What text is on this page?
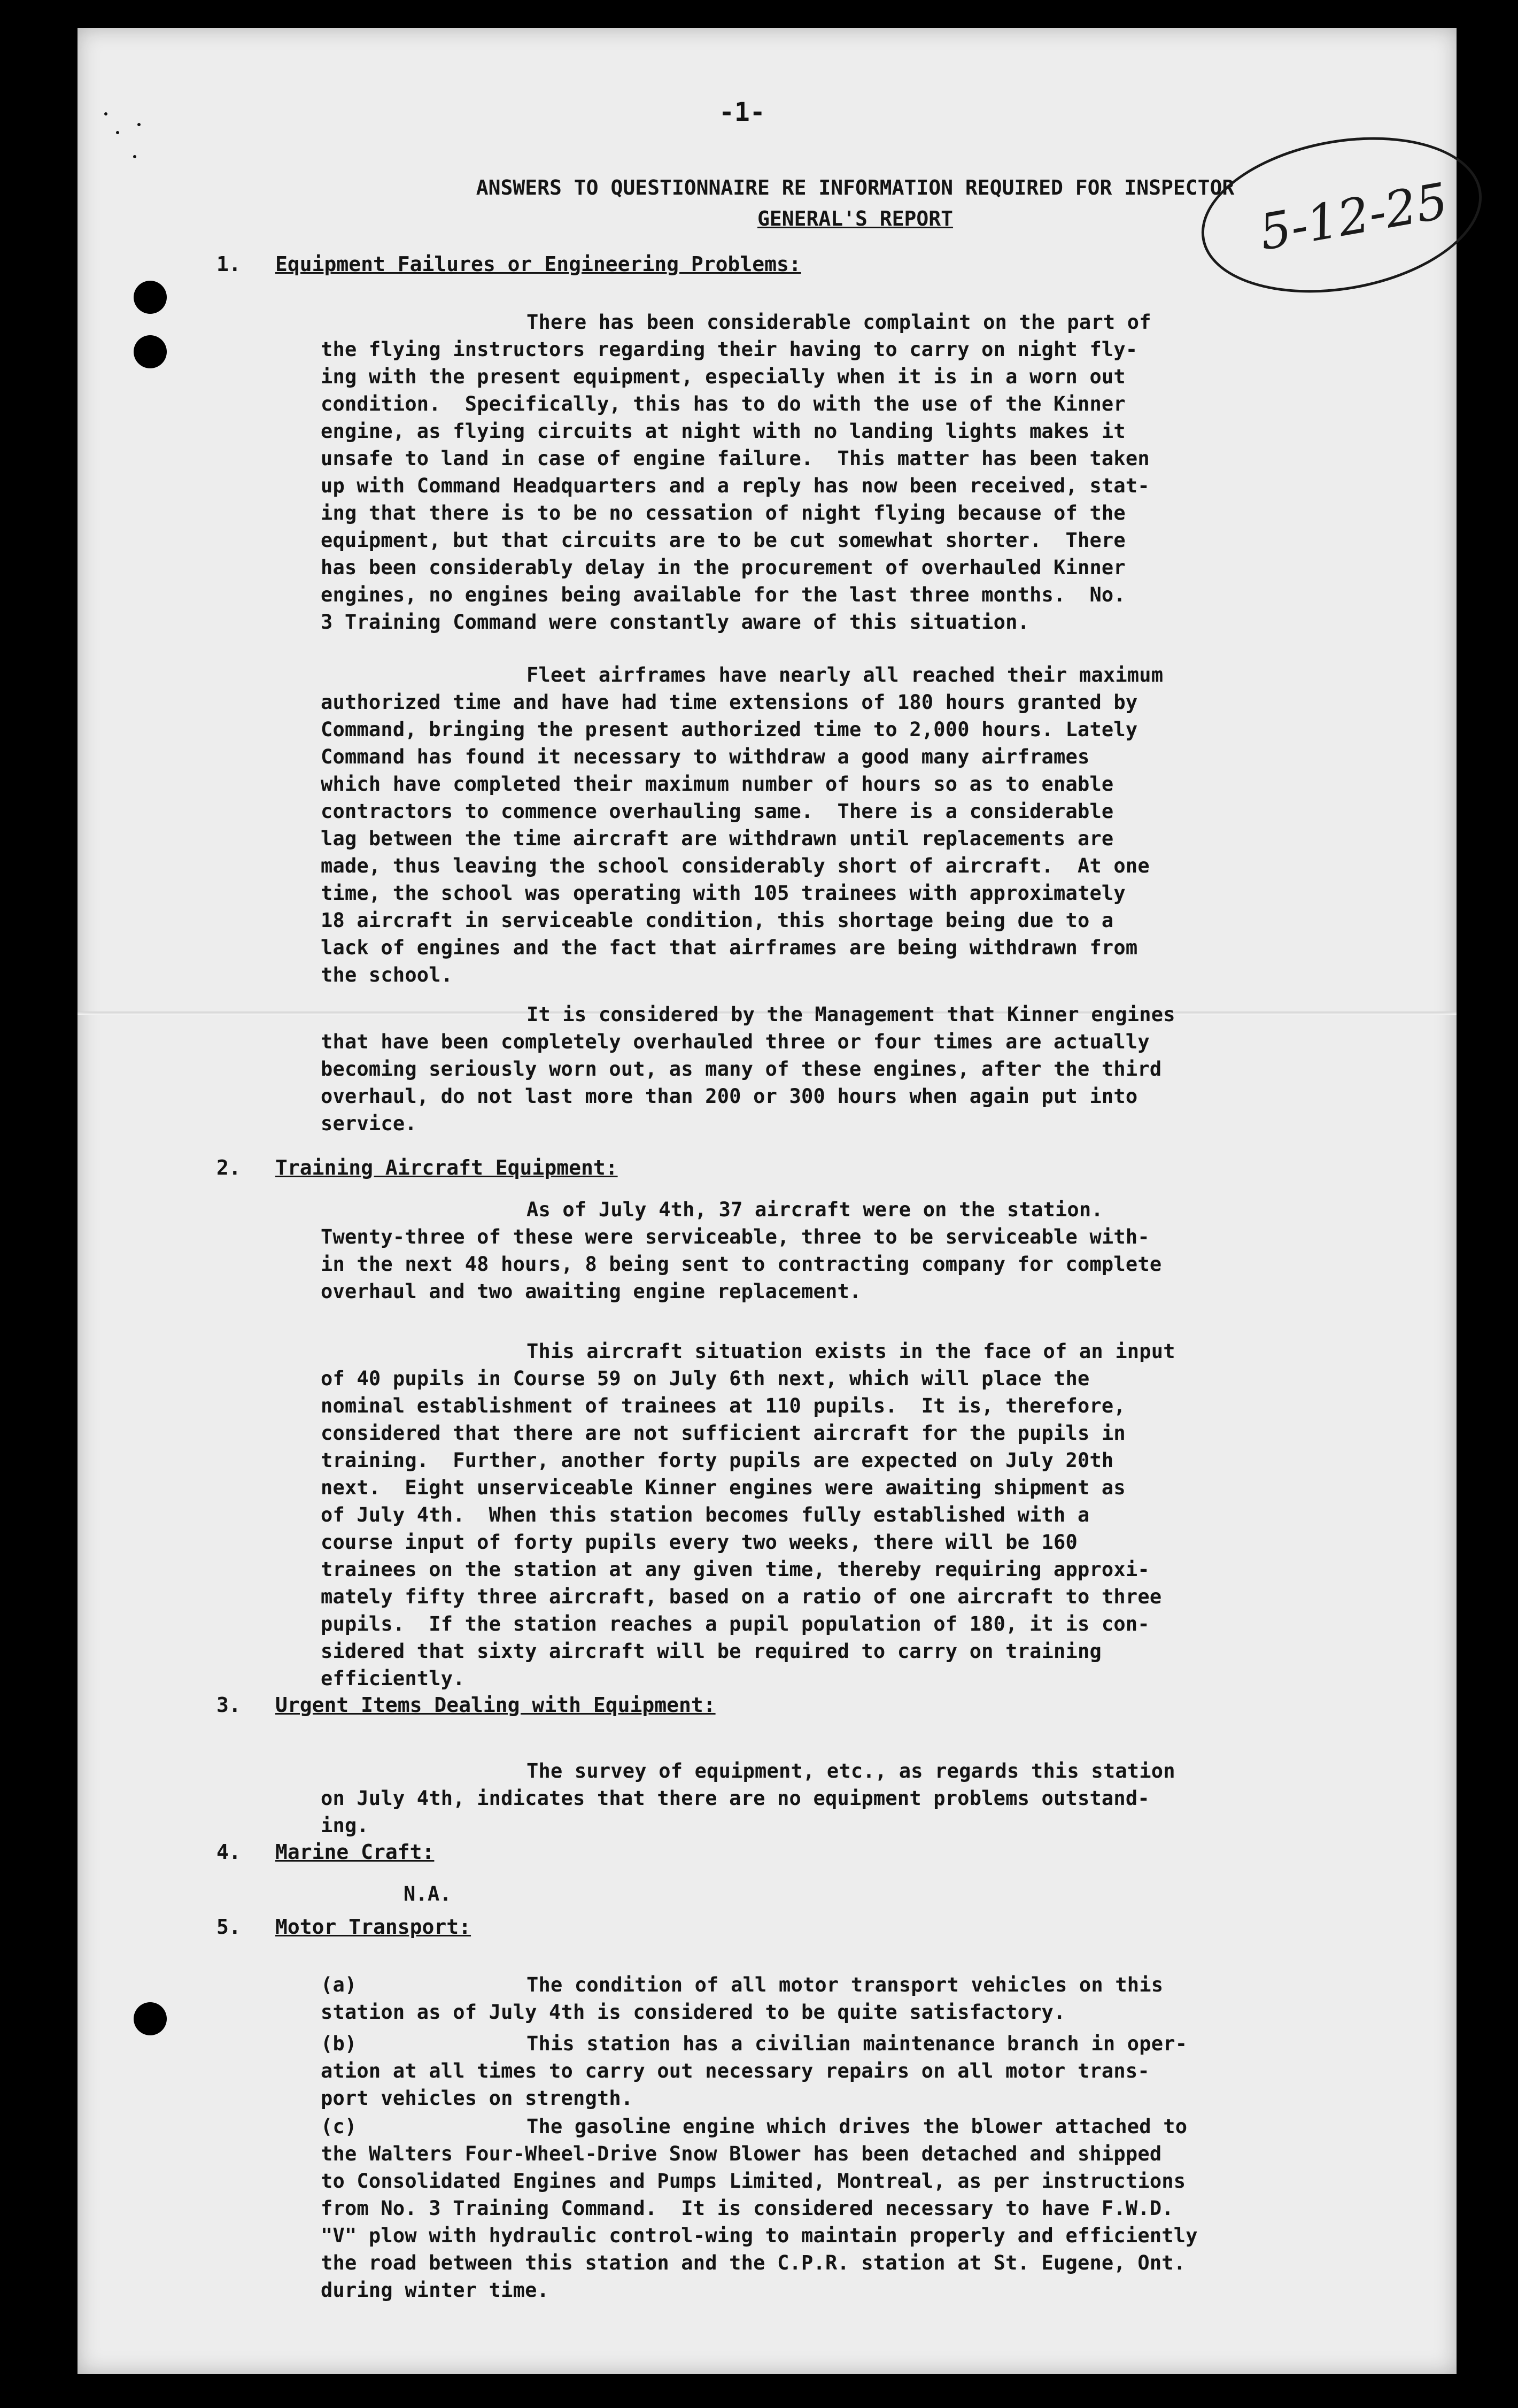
-1-
ANSWERS TO QUESTIONNAIRE RE INFORMATION REQUIRED FOR INSPECTOR
GENERAL'S REPORT	5-12-25
1. Equipment Failures or Engineering Problems:
There has been considerable complaint on the part of
the flying instructors regarding their having to carry on night fly-
ing with the present equipment, especially when it is in a worn out
condition.  Specifically, this has to do with the use of the Kinner
engine, as flying circuits at night with no landing lights makes it
unsafe to land in case of engine failure.  This matter has been taken
up with Command Headquarters and a reply has now been received, stat-
ing that there is to be no cessation of night flying because of the
equipment, but that circuits are to be cut somewhat shorter.  There
has been considerably delay in the procurement of overhauled Kinner
engines, no engines being available for the last three months.  No.
3 Training Command were constantly aware of this situation.
Fleet airframes have nearly all reached their maximum
authorized time and have had time extensions of 180 hours granted by
Command, bringing the present authorized time to 2,000 hours. Lately
Command has found it necessary to withdraw a good many airframes
which have completed their maximum number of hours so as to enable
contractors to commence overhauling same.  There is a considerable
lag between the time aircraft are withdrawn until replacements are
made, thus leaving the school considerably short of aircraft.  At one
time, the school was operating with 105 trainees with approximately
18 aircraft in serviceable condition, this shortage being due to a
lack of engines and the fact that airframes are being withdrawn from
the school.
It is considered by the Management that Kinner engines
that have been completely overhauled three or four times are actually
becoming seriously worn out, as many of these engines, after the third
overhaul, do not last more than 200 or 300 hours when again put into
service.
2. Training Aircraft Equipment:
As of July 4th, 37 aircraft were on the station.
Twenty-three of these were serviceable, three to be serviceable with-
in the next 48 hours, 8 being sent to contracting company for complete
overhaul and two awaiting engine replacement.
This aircraft situation exists in the face of an input
of 40 pupils in Course 59 on July 6th next, which will place the
nominal establishment of trainees at 110 pupils.  It is, therefore,
considered that there are not sufficient aircraft for the pupils in
training.  Further, another forty pupils are expected on July 20th
next.  Eight unserviceable Kinner engines were awaiting shipment as
of July 4th.  When this station becomes fully established with a
course input of forty pupils every two weeks, there will be 160
trainees on the station at any given time, thereby requiring approxi-
mately fifty three aircraft, based on a ratio of one aircraft to three
pupils.  If the station reaches a pupil population of 180, it is con-
sidered that sixty aircraft will be required to carry on training
efficiently.
3. Urgent Items Dealing with Equipment:
The survey of equipment, etc., as regards this station
on July 4th, indicates that there are no equipment problems outstand-
ing.
4. Marine Craft:
N.A.
5. Motor Transport:
(a)	The condition of all motor transport vehicles on this
station as of July 4th is considered to be quite satisfactory.
(b)	This station has a civilian maintenance branch in oper-
ation at all times to carry out necessary repairs on all motor trans-
port vehicles on strength.
(c)	The gasoline engine which drives the blower attached to
the Walters Four-Wheel-Drive Snow Blower has been detached and shipped
to Consolidated Engines and Pumps Limited, Montreal, as per instructions
from No. 3 Training Command.  It is considered necessary to have F.W.D.
"V" plow with hydraulic control-wing to maintain properly and efficiently
the road between this station and the C.P.R. station at St. Eugene, Ont.
during winter time.
